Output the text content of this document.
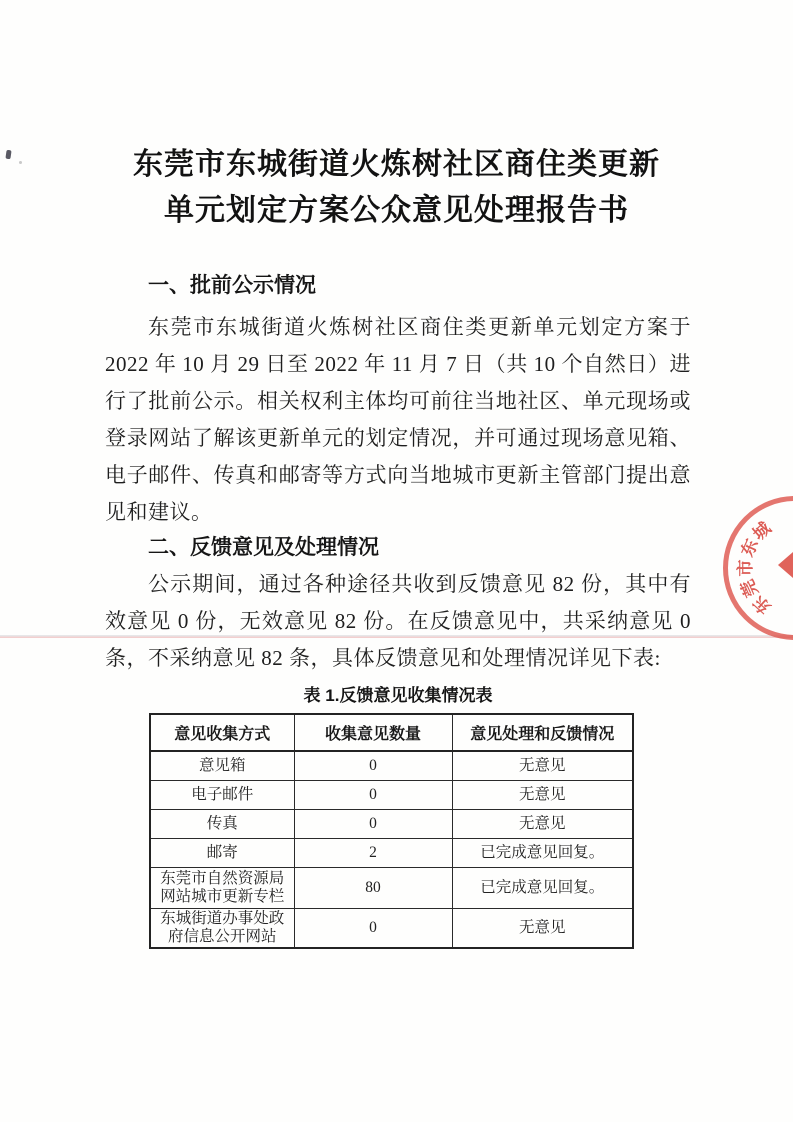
东莞市东城街道火炼树社区商住类更新
单元划定方案公众意见处理报告书
一、批前公示情况

东莞市东城街道火炼树社区商住类更新单元划定方案于 2022 年 10 月 29 日至 2022 年 11 月 7 日（共 10 个自然日）进行了批前公示。相关权利主体均可前往当地社区、单元现场或登录网站了解该更新单元的划定情况，并可通过现场意见箱、电子邮件、传真和邮寄等方式向当地城市更新主管部门提出意见和建议。

二、反馈意见及处理情况

公示期间，通过各种途径共收到反馈意见 82 份，其中有效意见 0 份，无效意见 82 份。在反馈意见中，共采纳意见 0 条，不采纳意见 82 条，具体反馈意见和处理情况详见下表:

表 1.反馈意见收集情况表
意见收集方式	收集意见数量	意见处理和反馈情况
意见箱	0	无意见
电子邮件	0	无意见
传真	0	无意见
邮寄	2	已完成意见回复。
东莞市自然资源局网站城市更新专栏	80	已完成意见回复。
东城街道办事处政府信息公开网站	0	无意见
东
莞
市
东
城
